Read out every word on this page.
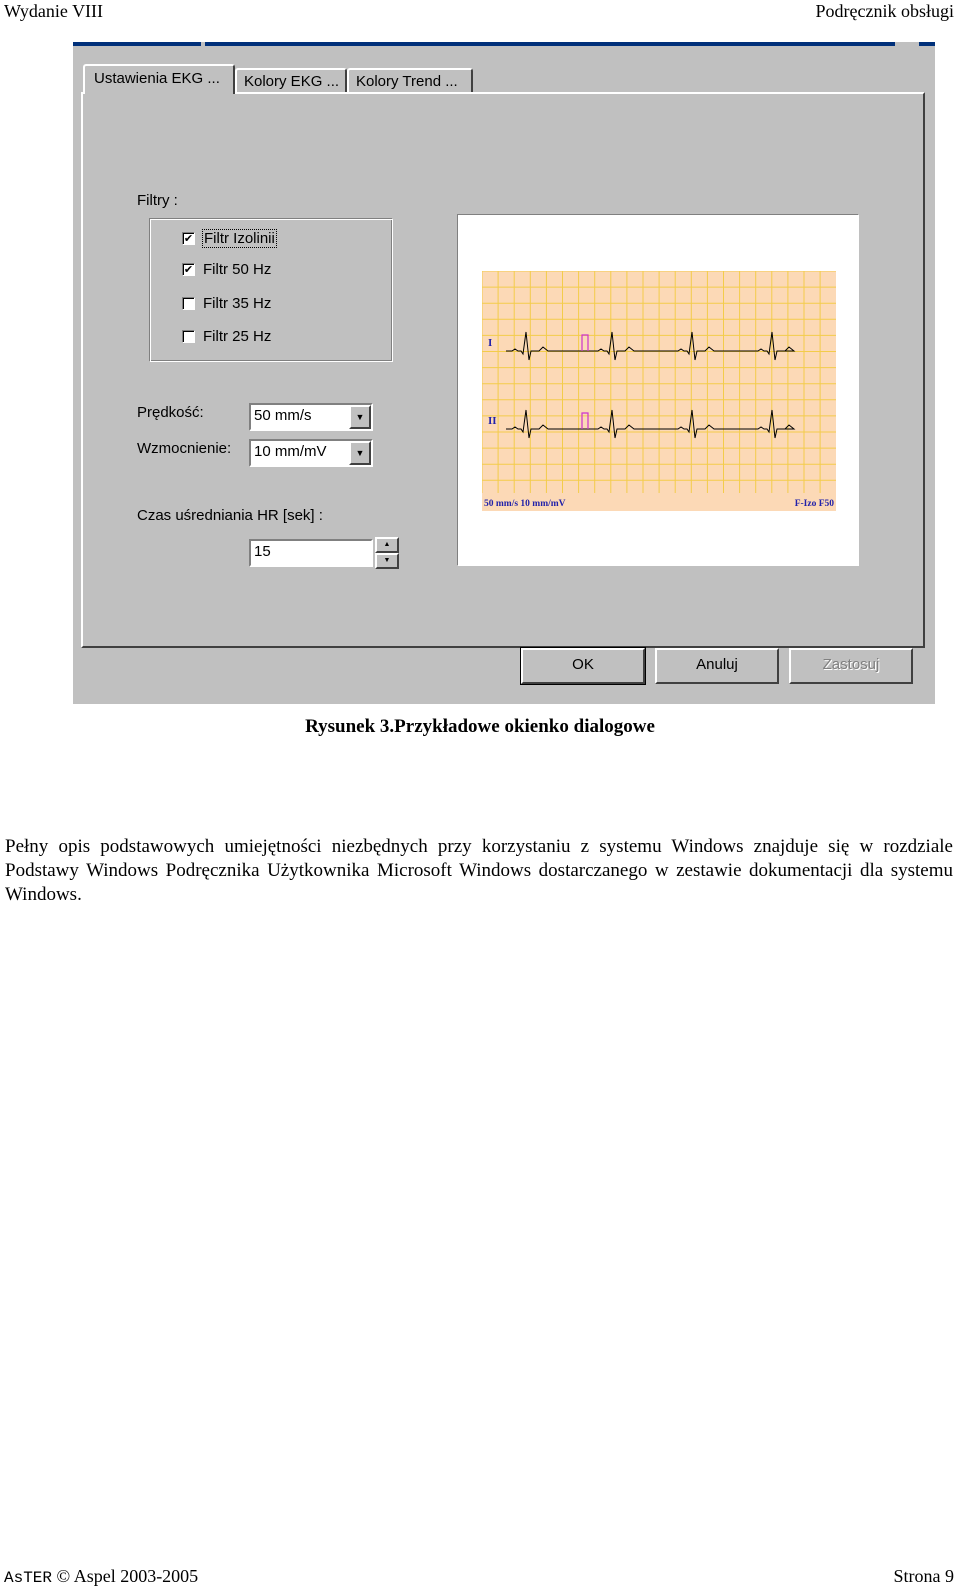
Wydanie VIII	Podręcznik obsługi
Ustawienia EKG ...	Kolory EKG ...	Kolory Trend ...
Filtry :
✔ Filtr Izolinii
✔ Filtr 50 Hz
Filtr 35 Hz
Filtr 25 Hz
Prędkość:	50 mm/s	▼
Wzmocnienie:	10 mm/mV	▼
Czas uśredniania HR [sek] :
15	▲
▼
I
II
50 mm/s 10 mm/mV	F-Izo F50
OK	Anuluj	Zastosuj
Rysunek 3.Przykładowe okienko dialogowe

Pełny opis podstawowych umiejętności niezbędnych przy korzystaniu z systemu Windows znajduje się w rozdziale Podstawy Windows Podręcznika Użytkownika Microsoft Windows dostarczanego w zestawie dokumentacji dla systemu Windows.

AsTER © Aspel 2003-2005	Strona 9
